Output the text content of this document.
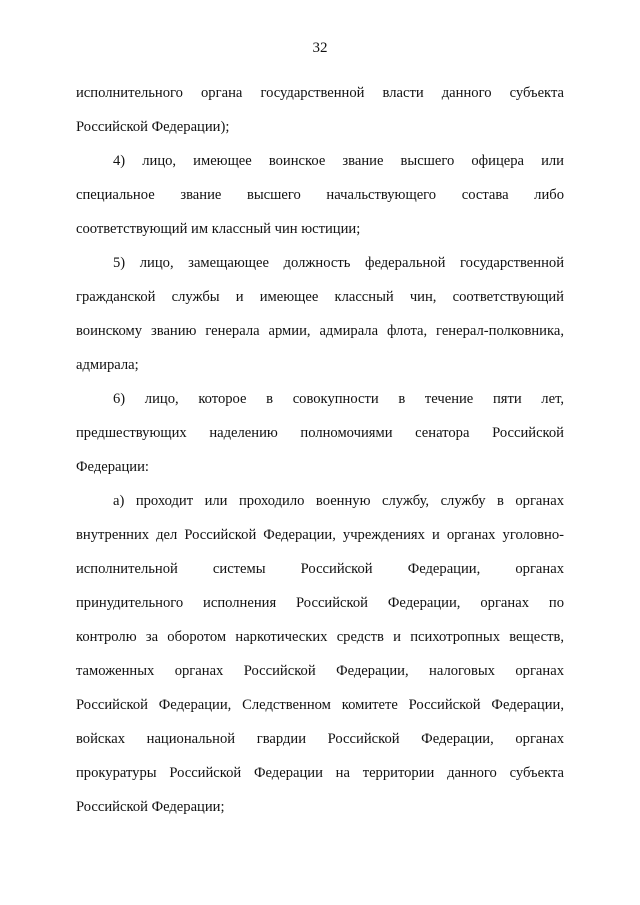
32
исполнительного органа государственной власти данного субъекта
Российской Федерации);
4) лицо, имеющее воинское звание высшего офицера или
специальное звание высшего начальствующего состава либо
соответствующий им классный чин юстиции;
5) лицо, замещающее должность федеральной государственной
гражданской службы и имеющее классный чин, соответствующий
воинскому званию генерала армии, адмирала флота, генерал-полковника,
адмирала;
6) лицо, которое в совокупности в течение пяти лет,
предшествующих наделению полномочиями сенатора Российской
Федерации:
а) проходит или проходило военную службу, службу в органах
внутренних дел Российской Федерации, учреждениях и органах уголовно-
исполнительной системы Российской Федерации, органах
принудительного исполнения Российской Федерации, органах по
контролю за оборотом наркотических средств и психотропных веществ,
таможенных органах Российской Федерации, налоговых органах
Российской Федерации, Следственном комитете Российской Федерации,
войсках национальной гвардии Российской Федерации, органах
прокуратуры Российской Федерации на территории данного субъекта
Российской Федерации;
